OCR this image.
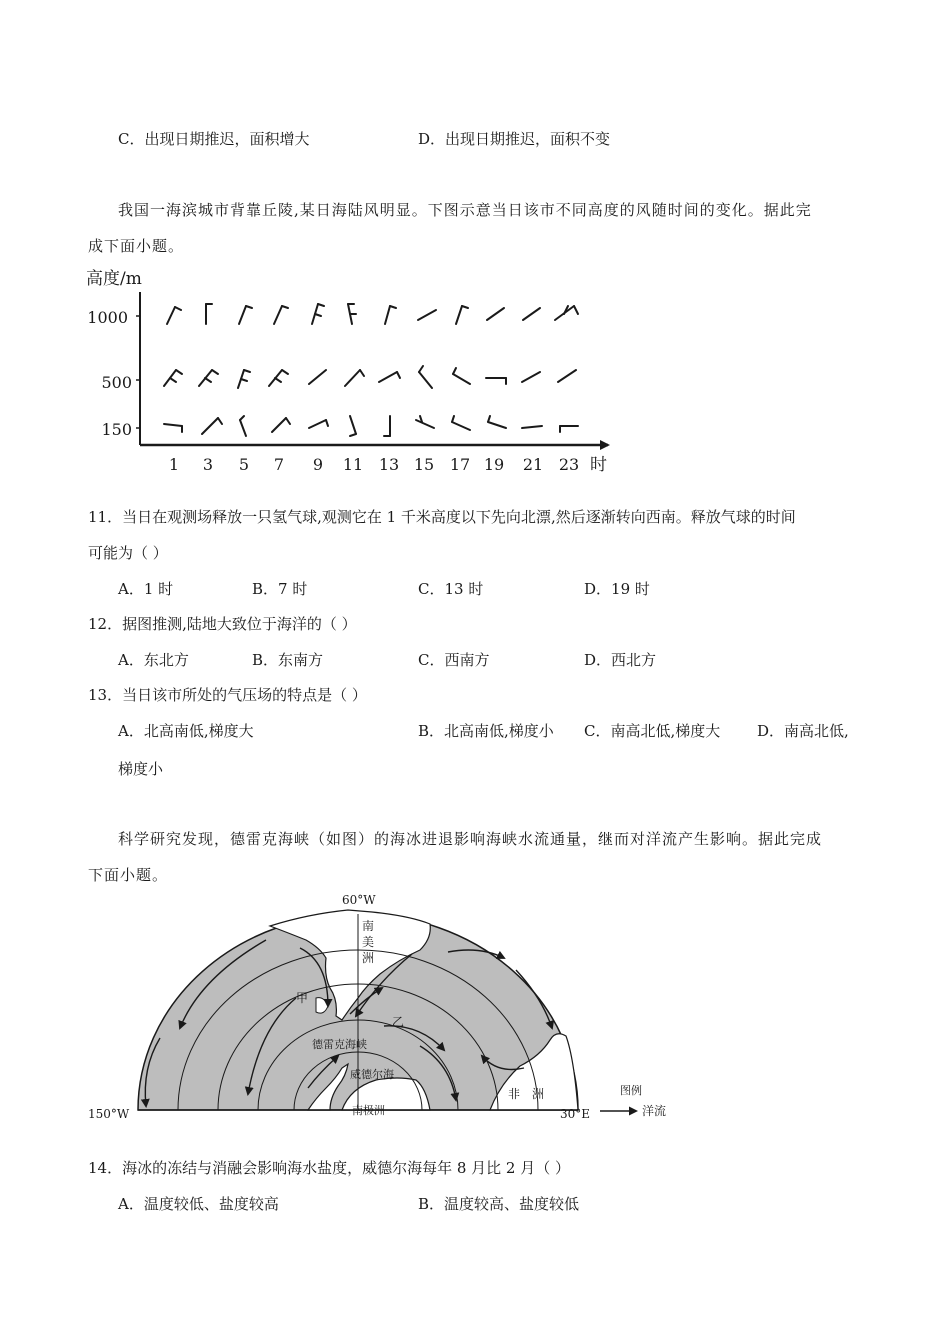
C．出现日期推迟，面积增大	D．出现日期推迟，面积不变
我国一海滨城市背靠丘陵,某日海陆风明显。下图示意当日该市不同高度的风随时间的变化。据此完
成下面小题。
高度/m
1000
500
150
1 3 5 7 9 11 13 15 17 19 21 23 时
11．当日在观测场释放一只氢气球,观测它在 1 千米高度以下先向北漂,然后逐渐转向西南。释放气球的时间
可能为（ ）
A．1 时	B．7 时	C．13 时	D．19 时
12．据图推测,陆地大致位于海洋的（ ）
A．东北方	B．东南方	C．西南方	D．西北方
13．当日该市所处的气压场的特点是（ ）
A．北高南低,梯度大	B．北高南低,梯度小 C．南高北低,梯度大 D．南高北低,
梯度小
科学研究发现，德雷克海峡（如图）的海冰进退影响海峡水流通量，继而对洋流产生影响。据此完成
下面小题。
60°W
150°W	30°E
南
美
洲
甲
乙
德雷克海峡
威德尔海
南极洲
非　洲	图例
洋流
14．海冰的冻结与消融会影响海水盐度，威德尔海每年 8 月比 2 月（ ）
A．温度较低、盐度较高	B．温度较高、盐度较低
